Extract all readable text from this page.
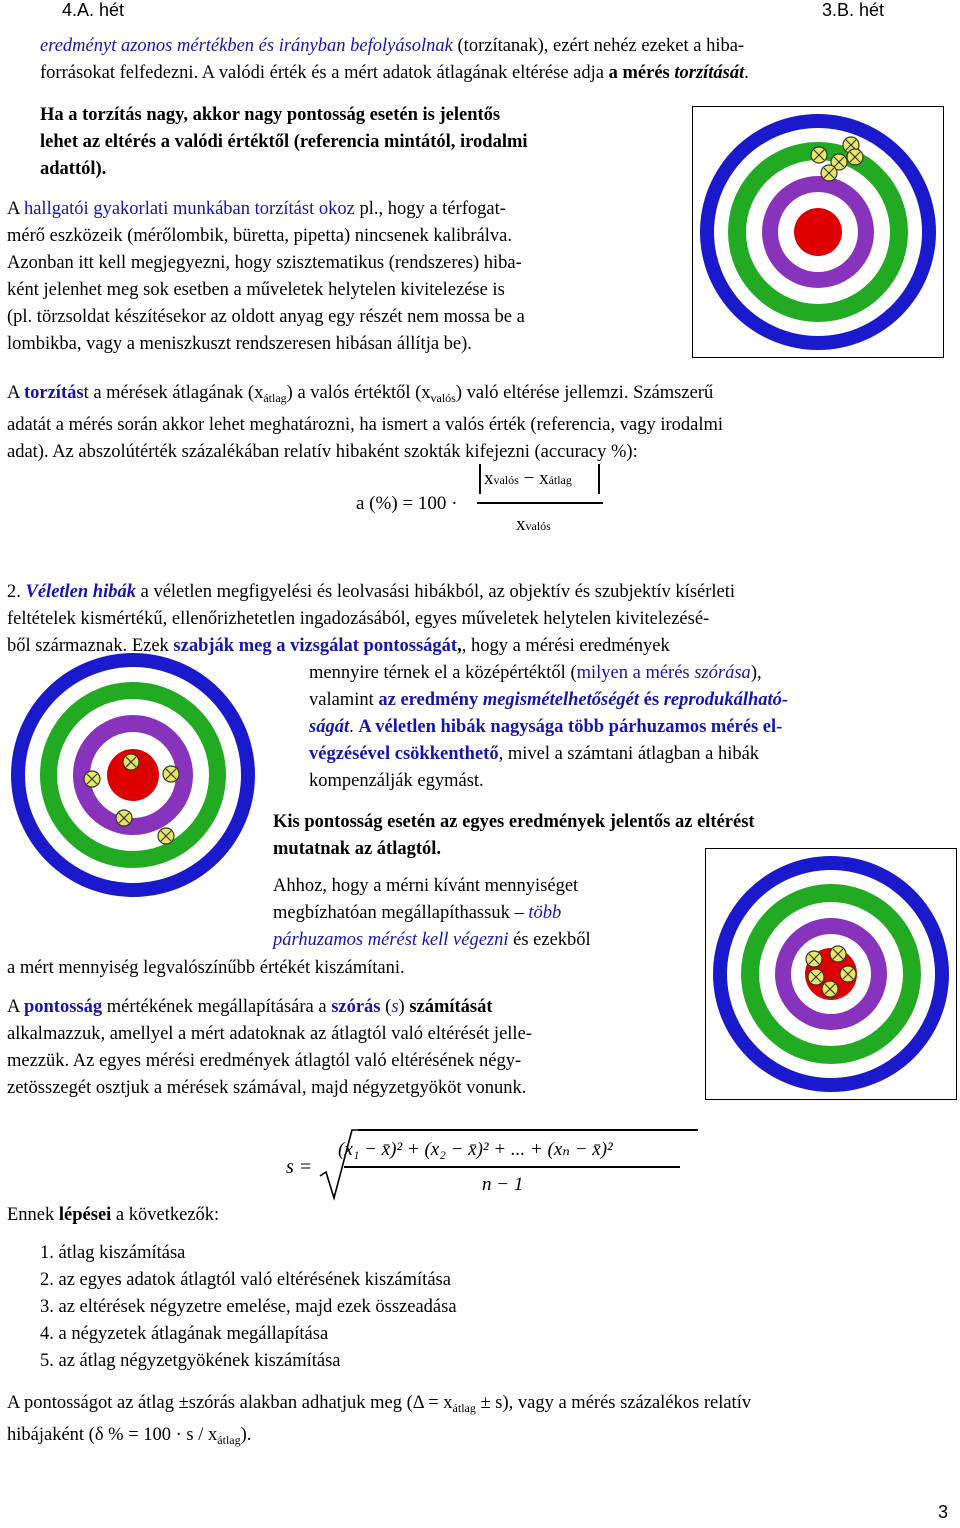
4.A. hét	3.B. hét
eredményt azonos mértékben és irányban befolyásolnak (torzítanak), ezért nehéz ezeket a hiba-
forrásokat felfedezni. A valódi érték és a mért adatok átlagának eltérése adja a mérés torzítását.
Ha a torzítás nagy, akkor nagy pontosság esetén is jelentős
lehet az eltérés a valódi értéktől (referencia mintától, irodalmi
adattól).
A hallgatói gyakorlati munkában torzítást okoz pl., hogy a térfogat-
mérő eszközeik (mérőlombik, büretta, pipetta) nincsenek kalibrálva.
Azonban itt kell megjegyezni, hogy szisztematikus (rendszeres) hiba-
ként jelenhet meg sok esetben a műveletek helytelen kivitelezése is
(pl. törzsoldat készítésekor az oldott anyag egy részét nem mossa be a
lombikba, vagy a meniszkuszt rendszeresen hibásan állítja be).
A torzítást a mérések átlagának $(x_{átlag})$ a valós értéktől $(x_{valós})$ való eltérése jellemzi. Számszerű
adatát a mérés során akkor lehet meghatározni, ha ismert a valós érték (referencia, vagy irodalmi
adat). Az abszolútérték százalékában relatív hibaként szokták kifejezni (accuracy %):
a (%) = 100 ·
xvalós − xátlag
xvalós
2. Véletlen hibák a véletlen megfigyelési és leolvasási hibákból, az objektív és szubjektív kísérleti
feltételek kismértékű, ellenőrizhetetlen ingadozásából, egyes műveletek helytelen kivitelezésé-
ből származnak. Ezek szabják meg a vizsgálat pontosságát,, hogy a mérési eredmények
mennyire térnek el a középértéktől (milyen a mérés szórása),
valamint az eredmény megismételhetőségét és reprodukálható-
ságát. A véletlen hibák nagysága több párhuzamos mérés el-
végzésével csökkenthető, mivel a számtani átlagban a hibák
kompenzálják egymást.
Kis pontosság esetén az egyes eredmények jelentős az eltérést
mutatnak az átlagtól.
Ahhoz, hogy a mérni kívánt mennyiséget
megbízhatóan megállapíthassuk – több
párhuzamos mérést kell végezni és ezekből
a mért mennyiség legvalószínűbb értékét kiszámítani.
A pontosság mértékének megállapítására a szórás (s) számítását
alkalmazzuk, amellyel a mért adatoknak az átlagtól való eltérését jelle-
mezzük. Az egyes mérési eredmények átlagtól való eltérésének négy-
zetösszegét osztjuk a mérések számával, majd négyzetgyököt vonunk.
s =
(x₁ − x̄)² + (x₂ − x̄)² + ... + (xₙ − x̄)²
n − 1
Ennek lépései a következők:
1. átlag kiszámítása
2. az egyes adatok átlagtól való eltérésének kiszámítása
3. az eltérések négyzetre emelése, majd ezek összeadása
4. a négyzetek átlagának megállapítása
5. az átlag négyzetgyökének kiszámítása
A pontosságot az átlag ±szórás alakban adhatjuk meg $(\Delta = x_{átlag} \pm s)$, vagy a mérés százalékos relatív
hibájaként (δ % = $100 \cdot s / x_{átlag}$).
3
